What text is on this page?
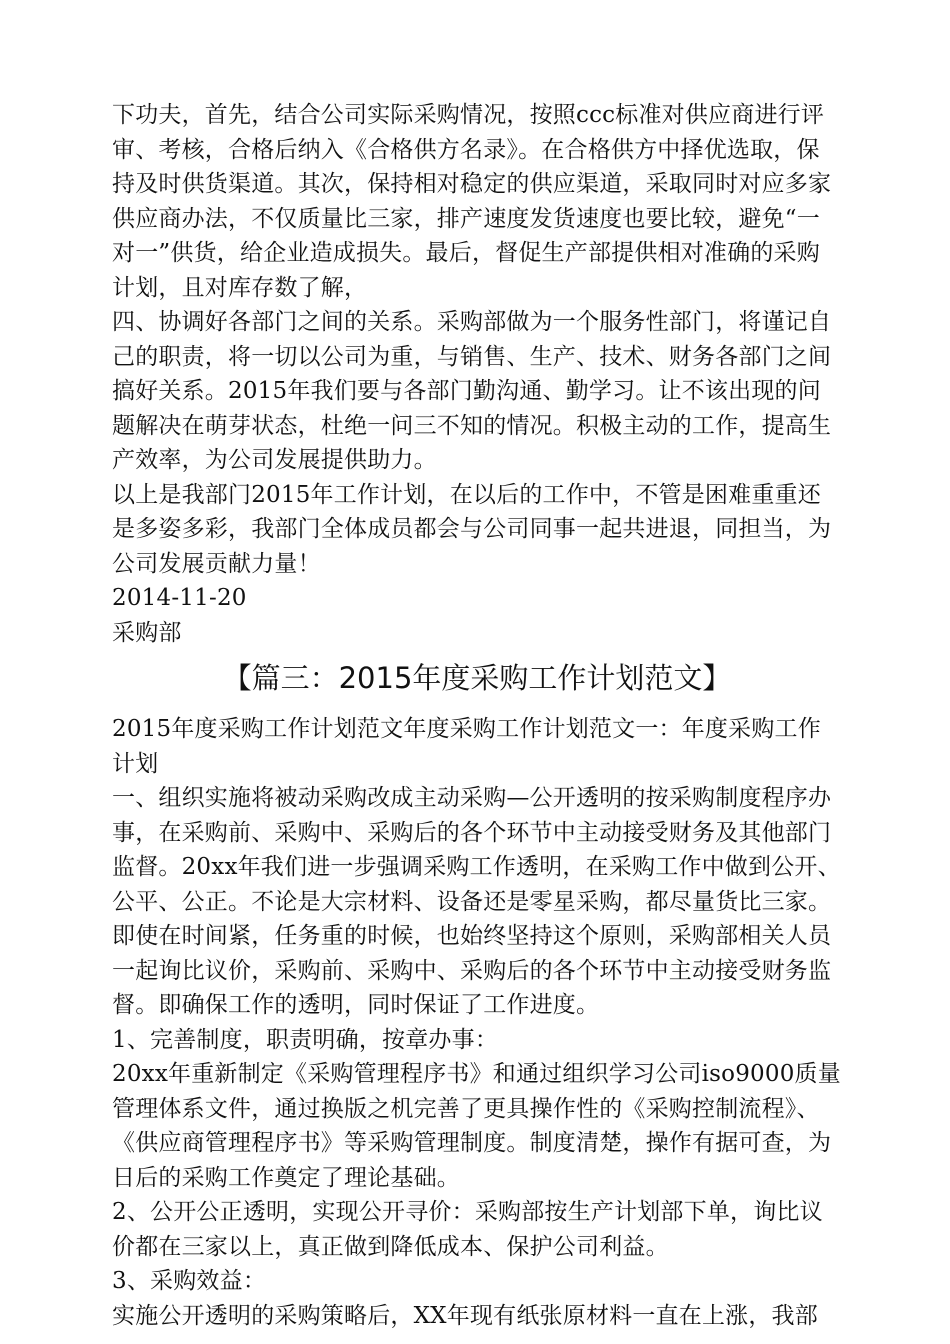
下功夫，首先，结合公司实际采购情况，按照ccc标准对供应商进行评
审、考核，合格后纳入《合格供方名录》。在合格供方中择优选取，保
持及时供货渠道。其次，保持相对稳定的供应渠道，采取同时对应多家
供应商办法，不仅质量比三家，排产速度发货速度也要比较，避免“一
对一”供货，给企业造成损失。最后，督促生产部提供相对准确的采购
计划，且对库存数了解，
四、协调好各部门之间的关系。采购部做为一个服务性部门，将谨记自
己的职责，将一切以公司为重，与销售、生产、技术、财务各部门之间
搞好关系。2015年我们要与各部门勤沟通、勤学习。让不该出现的问
题解决在萌芽状态，杜绝一问三不知的情况。积极主动的工作，提高生
产效率，为公司发展提供助力。
以上是我部门2015年工作计划，在以后的工作中，不管是困难重重还
是多姿多彩，我部门全体成员都会与公司同事一起共进退，同担当，为
公司发展贡献力量！
2014-11-20
采购部
【篇三：2015年度采购工作计划范文】
2015年度采购工作计划范文年度采购工作计划范文一：年度采购工作
计划
一、组织实施将被动采购改成主动采购—公开透明的按采购制度程序办
事，在采购前、采购中、采购后的各个环节中主动接受财务及其他部门
监督。20xx年我们进一步强调采购工作透明，在采购工作中做到公开、
公平、公正。不论是大宗材料、设备还是零星采购，都尽量货比三家。
即使在时间紧，任务重的时候，也始终坚持这个原则，采购部相关人员
一起询比议价，采购前、采购中、采购后的各个环节中主动接受财务监
督。即确保工作的透明，同时保证了工作进度。
1、完善制度，职责明确，按章办事：
20xx年重新制定《采购管理程序书》和通过组织学习公司iso9000质量
管理体系文件，通过换版之机完善了更具操作性的《采购控制流程》、
《供应商管理程序书》等采购管理制度。制度清楚，操作有据可查，为
日后的采购工作奠定了理论基础。
2、公开公正透明，实现公开寻价：采购部按生产计划部下单，询比议
价都在三家以上，真正做到降低成本、保护公司利益。
3、采购效益：
实施公开透明的采购策略后，XX年现有纸张原材料一直在上涨，我部
